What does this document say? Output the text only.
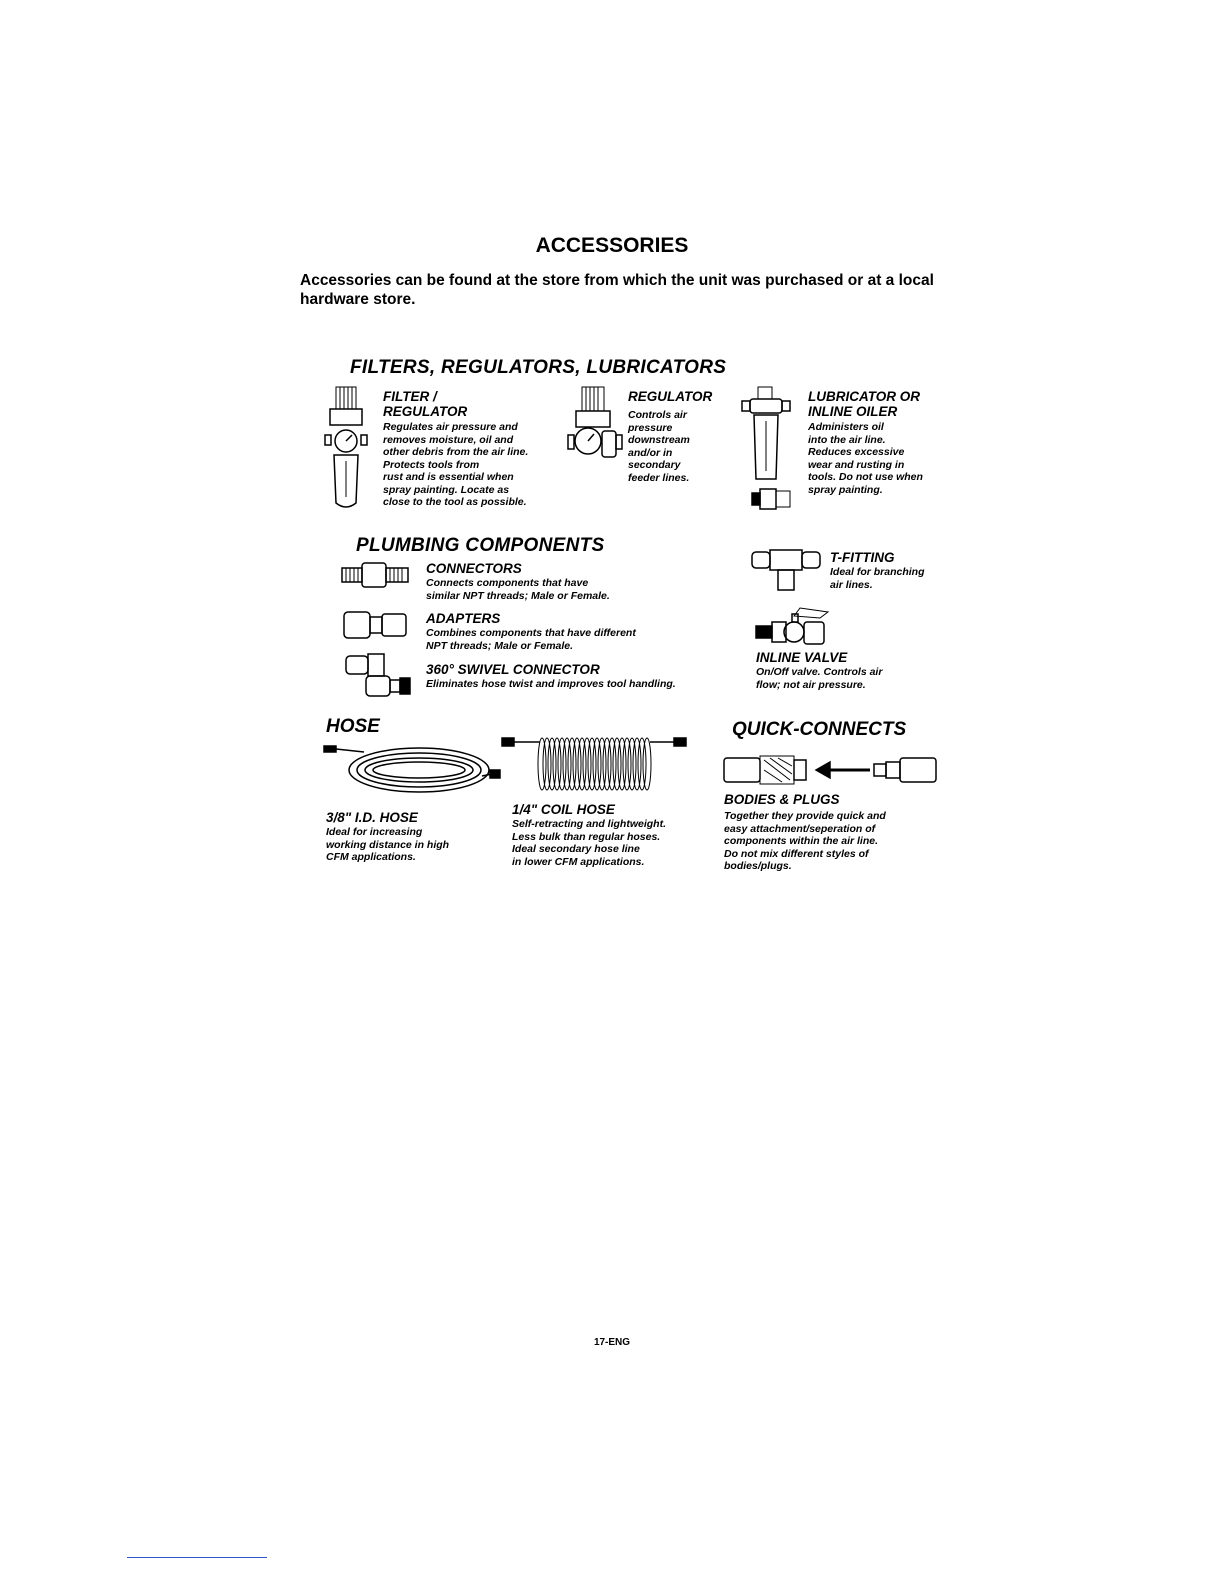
ACCESSORIES
Accessories can be found at the store from which the unit was purchased or at a local hardware store.
FILTERS, REGULATORS, LUBRICATORS
FILTER /
REGULATOR
Regulates air pressure and
removes moisture, oil and
other debris from the air line.
Protects tools from
rust and is essential when
spray painting. Locate as
close to the tool as possible.
REGULATOR
Controls air
pressure
downstream
and/or in
secondary
feeder lines.
LUBRICATOR OR
INLINE OILER
Administers oil
into the air line.
Reduces excessive
wear and rusting in
tools. Do not use when
spray painting.
PLUMBING COMPONENTS
CONNECTORS
Connects components that have
similar NPT threads; Male or Female.
ADAPTERS
Combines components that have different
NPT threads; Male or Female.
360° SWIVEL CONNECTOR
Eliminates hose twist and improves tool handling.
T-FITTING
Ideal for branching
air lines.
INLINE VALVE
On/Off valve. Controls air
flow; not air pressure.
HOSE
3/8" I.D. HOSE
Ideal for increasing
working distance in high
CFM applications.
1/4" COIL HOSE
Self-retracting and lightweight.
Less bulk than regular hoses.
Ideal secondary hose line
in lower CFM applications.
QUICK-CONNECTS
BODIES & PLUGS
Together they provide quick and
easy attachment/seperation of
components within the air line.
Do not mix different styles of
bodies/plugs.
17-ENG
